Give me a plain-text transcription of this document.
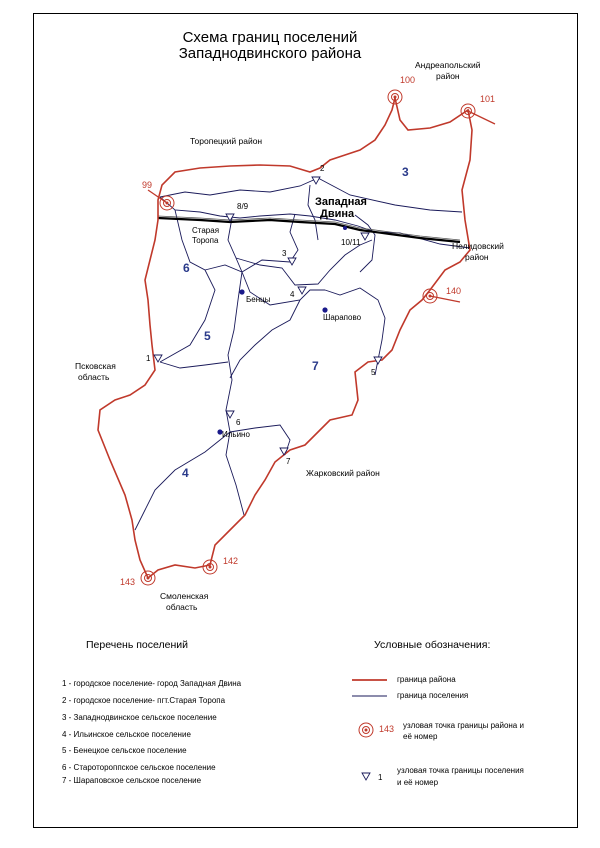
Схема границ поселений
Западнодвинского района
Андреапольский
район
Торопецкий район
Нелидовский
район
Псковская
область
Жарковский район
Смоленская
область
Западная
Двина
Старая
Торопа
Бенцы
Шарапово
Ильино
3
6
5
7
4
100
101
99
140
143
142
2
8/9
10/11
3
4
5
1
6
7
Перечень поселений
1 - городское поселение- город Западная Двина
2 - городское поселение- пгт.Старая Торопа
3 - Западнодвинское сельское поселение
4 - Ильинское сельское поселение
5 - Бенецкое сельское поселение
6 - Старотороппское сельское поселение
7 - Шараповское сельское поселение
Условные обозначения:
граница района
граница поселения
143 узловая точка границы района и
её номер
1
узловая точка границы поселения
и её номер
